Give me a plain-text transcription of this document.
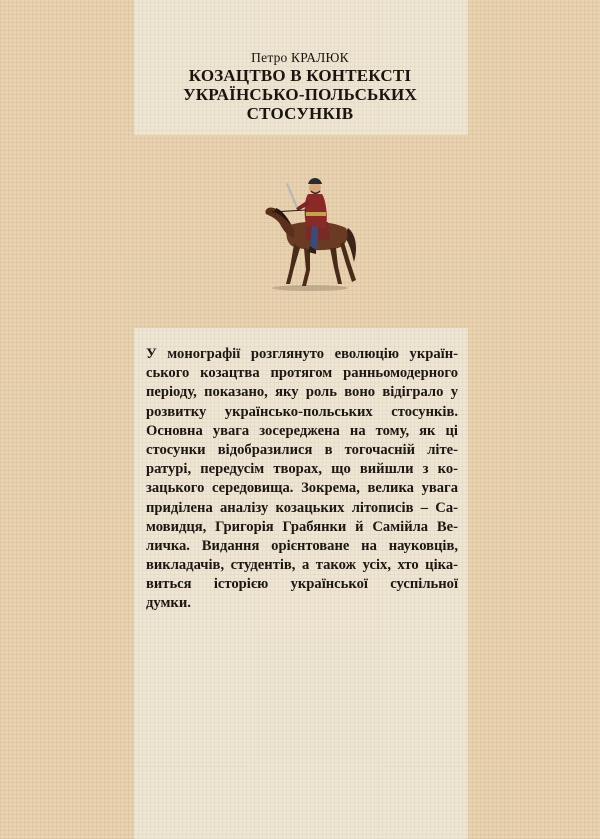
Петро КРАЛЮК
КОЗАЦТВО В КОНТЕКСТІ
УКРАЇНСЬКО-ПОЛЬСЬКИХ
СТОСУНКІВ
У монографії розглянуто еволюцію україн-
ського козацтва протягом ранньомодерного
періоду, показано, яку роль воно відіграло у
розвитку українсько-польських стосунків.
Основна увага зосереджена на тому, як ці
стосунки відобразилися в тогочасній літе-
ратурі, передусім творах, що вийшли з ко-
зацького середовища. Зокрема, велика увага
приділена аналізу козацьких літописів – Са-
мовидця, Григорія Грабянки й Самійла Ве-
личка. Видання орієнтоване на науковців,
викладачів, студентів, а також усіх, хто ціка-
виться історією української суспільної
думки.
